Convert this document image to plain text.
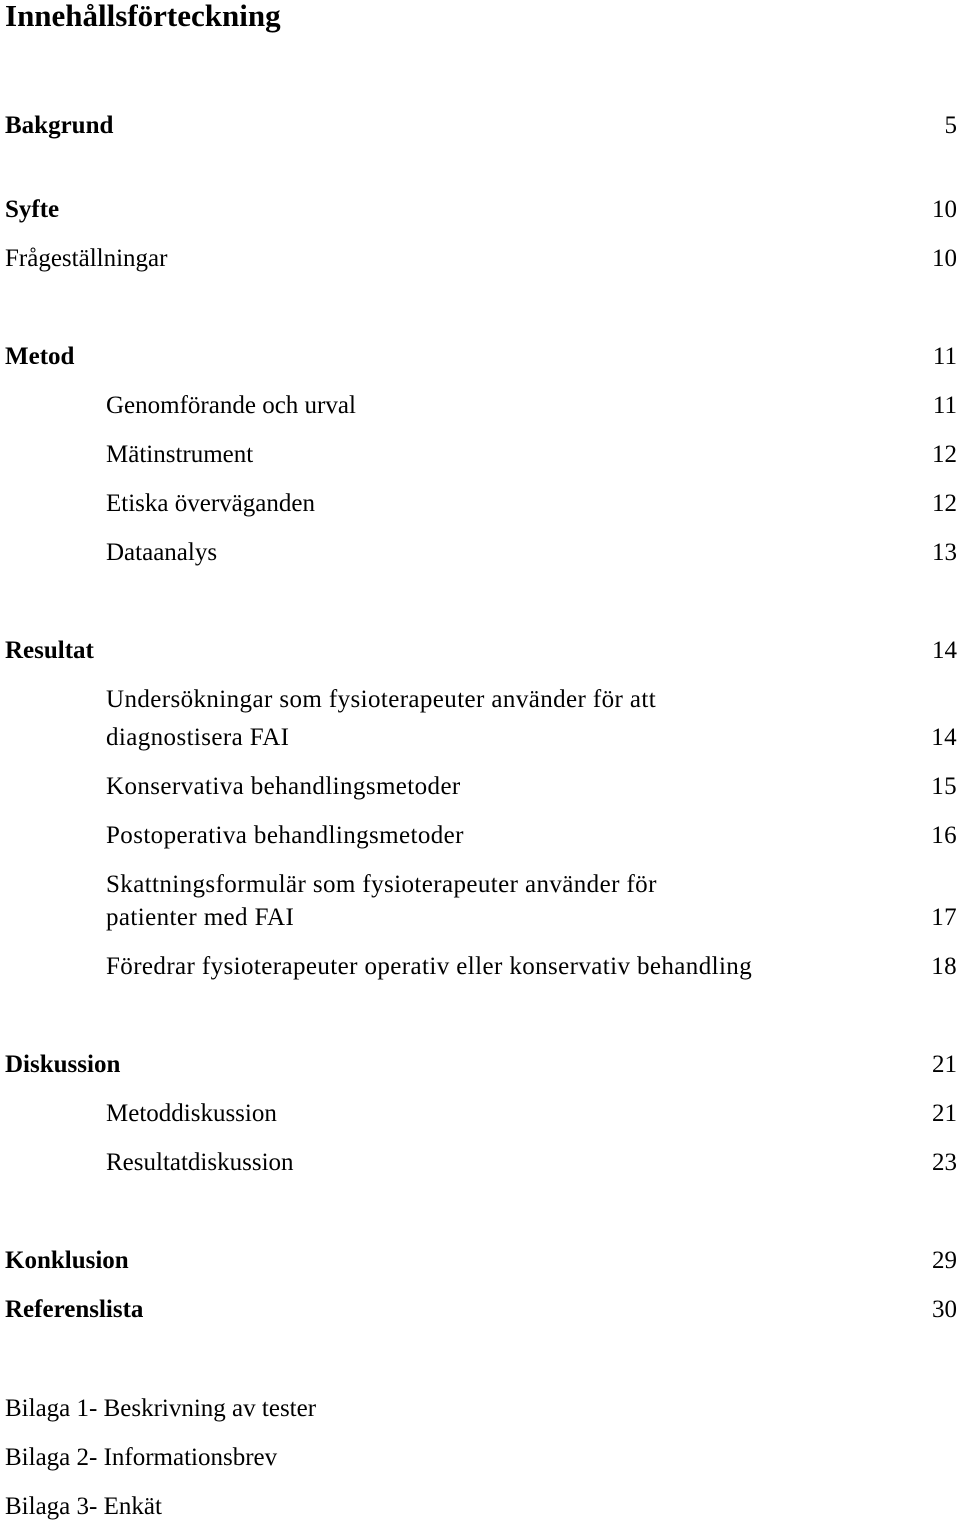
Innehållsförteckning
Bakgrund	5
Syfte	10
Frågeställningar	10
Metod	11
Genomförande och urval	11
Mätinstrument	12
Etiska överväganden	12
Dataanalys	13
Resultat	14
Undersökningar som fysioterapeuter använder för att
diagnostisera FAI	14
Konservativa behandlingsmetoder	15
Postoperativa behandlingsmetoder	16
Skattningsformulär som fysioterapeuter använder för
patienter med FAI	17
Föredrar fysioterapeuter operativ eller konservativ behandling	18
Diskussion	21
Metoddiskussion	21
Resultatdiskussion	23
Konklusion	29
Referenslista	30
Bilaga 1- Beskrivning av tester
Bilaga 2- Informationsbrev
Bilaga 3- Enkät
